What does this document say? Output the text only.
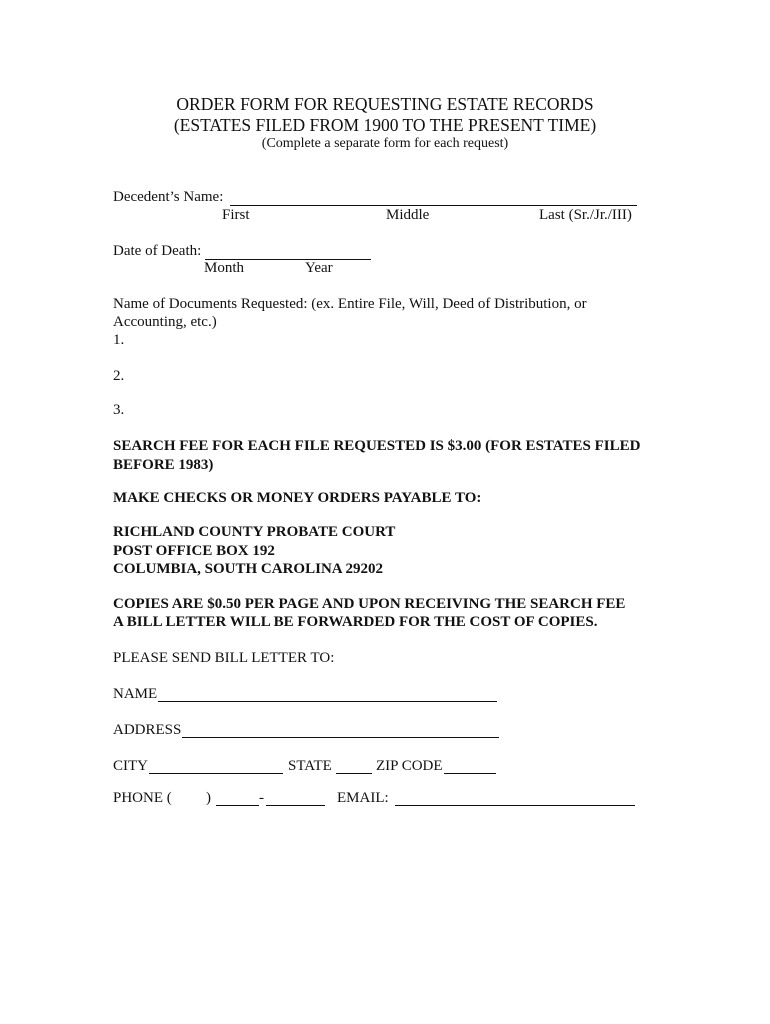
ORDER FORM FOR REQUESTING ESTATE RECORDS
(ESTATES FILED FROM 1900 TO THE PRESENT TIME)
(Complete a separate form for each request)
Decedent’s Name:
First	Middle	Last (Sr./Jr./III)
Date of Death:
Month	Year
Name of Documents Requested: (ex. Entire File, Will, Deed of Distribution, or
Accounting, etc.)
1.
2.
3.
SEARCH FEE FOR EACH FILE REQUESTED IS $3.00 (FOR ESTATES FILED
BEFORE 1983)
MAKE CHECKS OR MONEY ORDERS PAYABLE TO:
RICHLAND COUNTY PROBATE COURT
POST OFFICE BOX 192
COLUMBIA, SOUTH CAROLINA 29202
COPIES ARE $0.50 PER PAGE AND UPON RECEIVING THE SEARCH FEE
A BILL LETTER WILL BE FORWARDED FOR THE COST OF COPIES.
PLEASE SEND BILL LETTER TO:
NAME
ADDRESS
CITY	STATE	ZIP CODE
PHONE ( )	-	EMAIL:
